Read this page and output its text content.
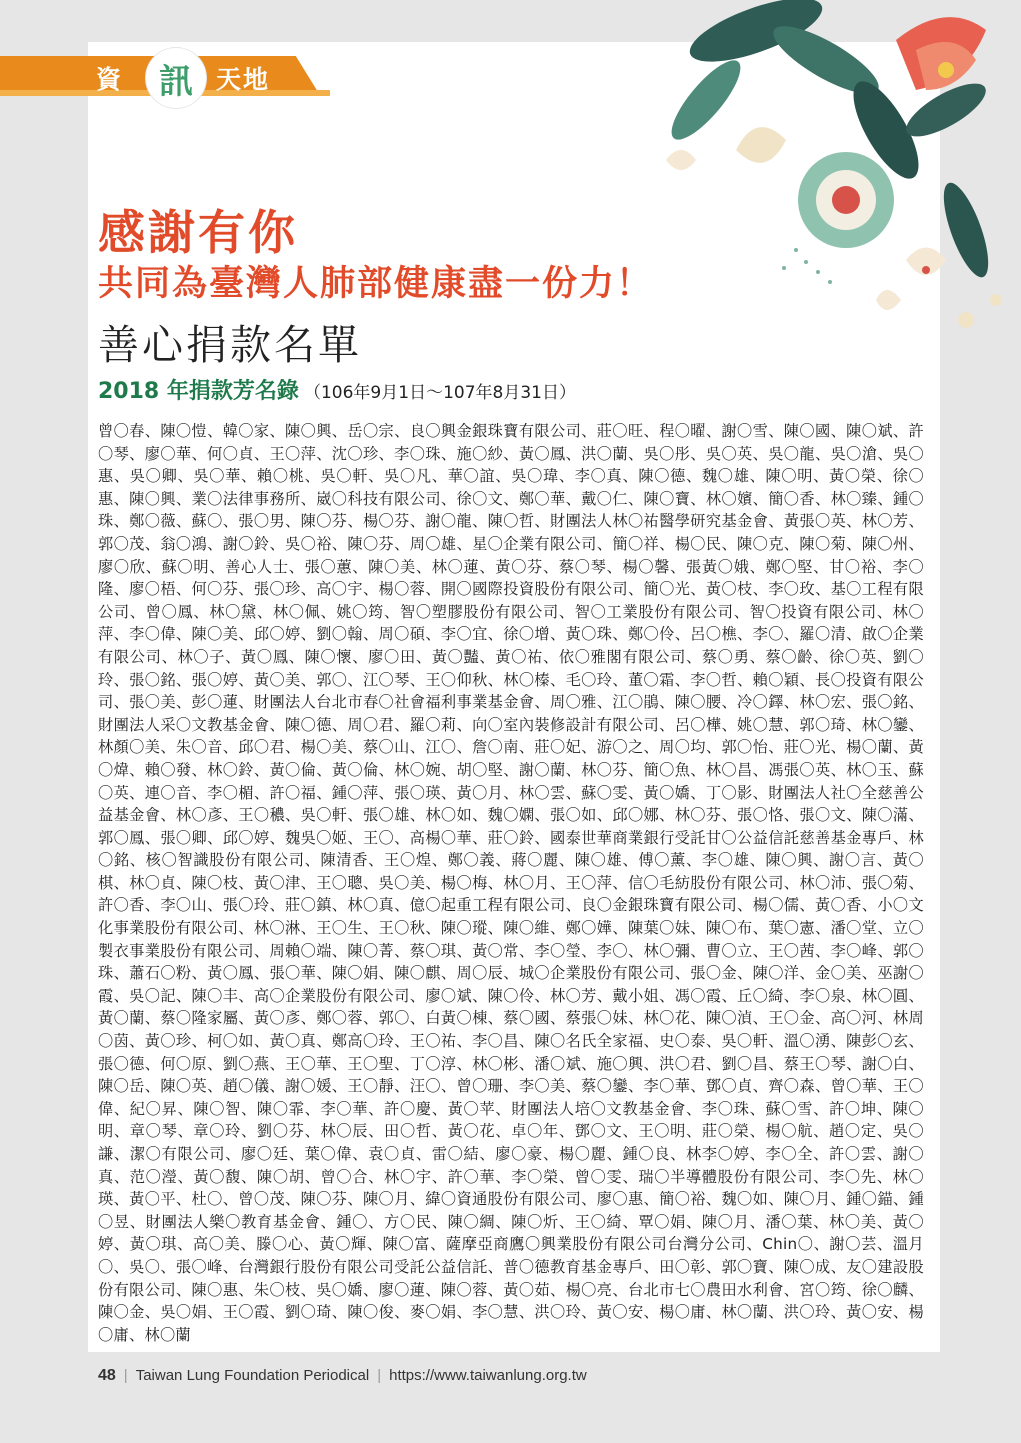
資 訊 天地
感謝有你
共同為臺灣人肺部健康盡一份力！
善心捐款名單
2018 年捐款芳名錄 （106年9月1日～107年8月31日）
曾〇春、陳〇愷、韓〇家、陳〇興、岳〇宗、良〇興金銀珠寶有限公司、莊〇旺、程〇曜、謝〇雪、陳〇國、陳〇斌、許〇琴、廖〇華、何〇貞、王〇萍、沈〇珍、李〇珠、施〇紗、黃〇鳳、洪〇蘭、吳〇彤、吳〇英、吳〇龍、吳〇滄、吳〇惠、吳〇卿、吳〇華、賴〇桃、吳〇軒、吳〇凡、華〇誼、吳〇瑋、李〇真、陳〇德、魏〇雄、陳〇明、黃〇榮、徐〇惠、陳〇興、業〇法律事務所、崴〇科技有限公司、徐〇文、鄭〇華、戴〇仁、陳〇寶、林〇嬪、簡〇香、林〇臻、鍾〇珠、鄭〇薇、蘇〇、張〇男、陳〇芬、楊〇芬、謝〇龍、陳〇哲、財團法人林〇祐醫學研究基金會、黃張〇英、林〇芳、郭〇茂、翁〇鴻、謝〇鈴、吳〇裕、陳〇芬、周〇雄、星〇企業有限公司、簡〇祥、楊〇民、陳〇克、陳〇菊、陳〇州、廖〇欣、蘇〇明、善心人士、張〇蕙、陳〇美、林〇蓮、黃〇芬、蔡〇琴、楊〇馨、張黃〇娥、鄭〇堅、甘〇裕、李〇隆、廖〇梧、何〇芬、張〇珍、高〇宇、楊〇蓉、開〇國際投資股份有限公司、簡〇光、黃〇枝、李〇玫、基〇工程有限公司、曾〇鳳、林〇黛、林〇佩、姚〇筠、智〇塑膠股份有限公司、智〇工業股份有限公司、智〇投資有限公司、林〇萍、李〇偉、陳〇美、邱〇婷、劉〇翰、周〇碩、李〇宜、徐〇增、黃〇珠、鄭〇伶、呂〇樵、李〇、羅〇清、啟〇企業有限公司、林〇子、黃〇鳳、陳〇懷、廖〇田、黃〇豔、黃〇祐、依〇雅閣有限公司、蔡〇勇、蔡〇齡、徐〇英、劉〇玲、張〇銘、張〇婷、黃〇美、郭〇、江〇琴、王〇仰秋、林〇榛、毛〇玲、董〇霜、李〇哲、賴〇穎、長〇投資有限公司、張〇美、彭〇蓮、財團法人台北市春〇社會福利事業基金會、周〇雅、江〇鵑、陳〇腰、冷〇鐸、林〇宏、張〇銘、財團法人采〇文教基金會、陳〇德、周〇君、羅〇莉、向〇室內裝修設計有限公司、呂〇樺、姚〇慧、郭〇琦、林〇鑾、林顏〇美、朱〇音、邱〇君、楊〇美、蔡〇山、江〇、詹〇南、莊〇妃、游〇之、周〇均、郭〇怡、莊〇光、楊〇蘭、黃〇煒、賴〇發、林〇鈴、黃〇倫、黃〇倫、林〇婉、胡〇堅、謝〇蘭、林〇芬、簡〇魚、林〇昌、馮張〇英、林〇玉、蘇〇英、連〇音、李〇楣、許〇福、鍾〇萍、張〇瑛、黃〇月、林〇雲、蘇〇雯、黃〇嬌、丁〇影、財團法人社〇全慈善公益基金會、林〇彥、王〇穠、吳〇軒、張〇雄、林〇如、魏〇嫻、張〇如、邱〇娜、林〇芬、張〇恪、張〇文、陳〇滿、郭〇鳳、張〇卿、邱〇婷、魏吳〇姬、王〇、高楊〇華、莊〇鈴、國泰世華商業銀行受託甘〇公益信託慈善基金專戶、林〇銘、核〇智識股份有限公司、陳清香、王〇煌、鄭〇義、蔣〇麗、陳〇雄、傅〇薰、李〇雄、陳〇興、謝〇言、黃〇棋、林〇貞、陳〇枝、黃〇津、王〇聰、吳〇美、楊〇梅、林〇月、王〇萍、信〇毛紡股份有限公司、林〇沛、張〇菊、許〇香、李〇山、張〇玲、莊〇鎮、林〇真、億〇起重工程有限公司、良〇金銀珠寶有限公司、楊〇儒、黃〇香、小〇文化事業股份有限公司、林〇淋、王〇生、王〇秋、陳〇瑽、陳〇維、鄭〇嬅、陳葉〇妹、陳〇布、葉〇憲、潘〇堂、立〇製衣事業股份有限公司、周賴〇端、陳〇菁、蔡〇琪、黃〇常、李〇瑩、李〇、林〇彌、曹〇立、王〇茜、李〇峰、郭〇珠、蕭石〇粉、黃〇鳳、張〇華、陳〇娟、陳〇麒、周〇辰、城〇企業股份有限公司、張〇金、陳〇洋、金〇美、巫謝〇霞、吳〇記、陳〇丰、高〇企業股份有限公司、廖〇斌、陳〇伶、林〇芳、戴小姐、馮〇霞、丘〇綺、李〇泉、林〇圓、黃〇蘭、蔡〇隆家屬、黃〇彥、鄭〇蓉、郭〇、白黃〇棟、蔡〇國、蔡張〇妹、林〇花、陳〇湞、王〇金、高〇河、林周〇茵、黃〇珍、柯〇如、黃〇真、鄭高〇玲、王〇祐、李〇昌、陳〇名氏全家福、史〇泰、吳〇軒、溫〇湧、陳彭〇玄、張〇德、何〇原、劉〇燕、王〇華、王〇聖、丁〇淳、林〇彬、潘〇斌、施〇興、洪〇君、劉〇昌、蔡王〇琴、謝〇白、陳〇岳、陳〇英、趙〇儀、謝〇媛、王〇靜、汪〇、曾〇珊、李〇美、蔡〇鑾、李〇華、鄧〇貞、齊〇森、曾〇華、王〇偉、紀〇昇、陳〇智、陳〇霏、李〇華、許〇慶、黃〇苹、財團法人培〇文教基金會、李〇珠、蘇〇雪、許〇坤、陳〇明、章〇琴、章〇玲、劉〇芬、林〇辰、田〇哲、黃〇花、卓〇年、鄧〇文、王〇明、莊〇榮、楊〇航、趙〇定、吳〇謙、潔〇有限公司、廖〇廷、葉〇偉、袁〇貞、雷〇結、廖〇豪、楊〇麗、鍾〇良、林李〇婷、李〇全、許〇雲、謝〇真、范〇瀅、黃〇馥、陳〇胡、曾〇合、林〇宇、許〇華、李〇榮、曾〇雯、瑞〇半導體股份有限公司、李〇先、林〇瑛、黃〇平、杜〇、曾〇茂、陳〇芬、陳〇月、緯〇資通股份有限公司、廖〇惠、簡〇裕、魏〇如、陳〇月、鍾〇錨、鍾〇昱、財團法人樂〇教育基金會、鍾〇、方〇民、陳〇綢、陳〇炘、王〇綺、覃〇娟、陳〇月、潘〇葉、林〇美、黃〇婷、黃〇琪、高〇美、滕〇心、黃〇輝、陳〇富、薩摩亞商鷹〇興業股份有限公司台灣分公司、Chin〇、謝〇芸、溫月〇、吳〇、張〇峰、台灣銀行股份有限公司受託公益信託、普〇德教育基金專戶、田〇彰、郭〇寶、陳〇成、友〇建設股份有限公司、陳〇惠、朱〇枝、吳〇嬌、廖〇蓮、陳〇蓉、黃〇茹、楊〇亮、台北市七〇農田水利會、宮〇筠、徐〇麟、陳〇金、吳〇娟、王〇霞、劉〇琦、陳〇俊、麥〇娟、李〇慧、洪〇玲、黃〇安、楊〇庸、林〇蘭、洪〇玲、黃〇安、楊〇庸、林〇蘭
48 | Taiwan Lung Foundation Periodical | https://www.taiwanlung.org.tw
